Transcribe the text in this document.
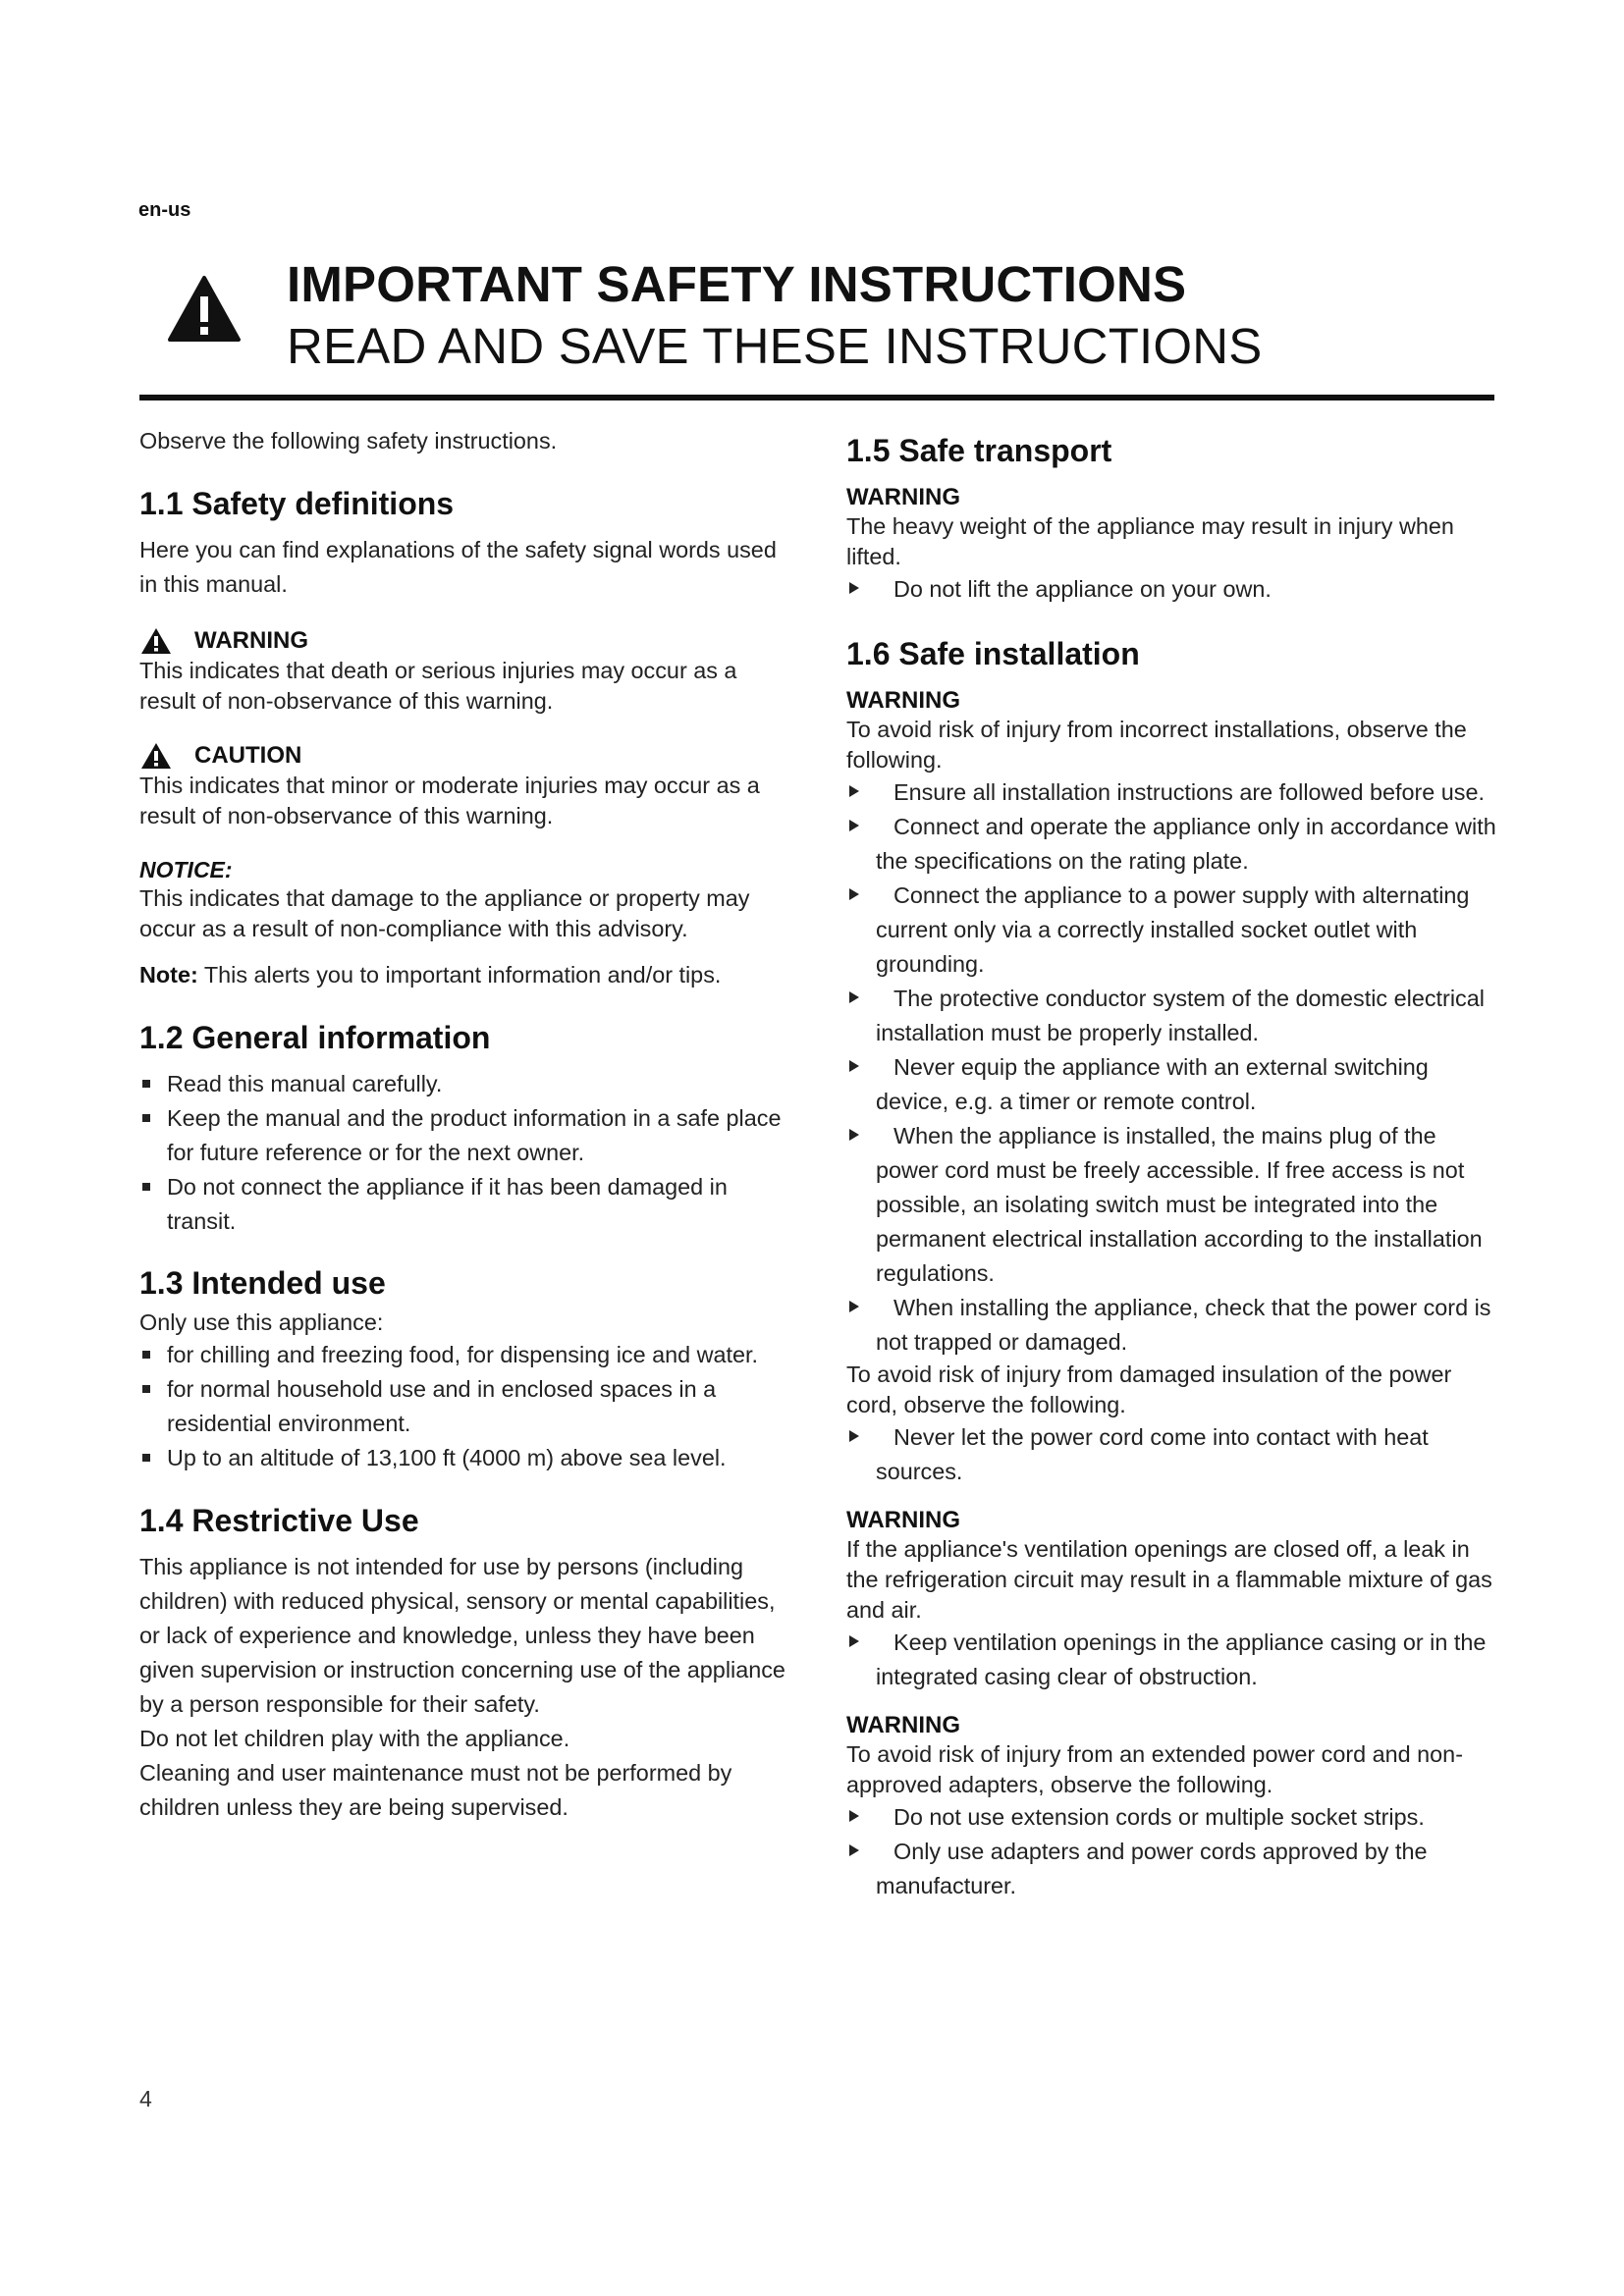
en-us
IMPORTANT SAFETY INSTRUCTIONS
READ AND SAVE THESE INSTRUCTIONS

Observe the following safety instructions.

1.1 Safety definitions

Here you can find explanations of the safety signal words used in this manual.

WARNING

This indicates that death or serious injuries may occur as a result of non-observance of this warning.

CAUTION

This indicates that minor or moderate injuries may occur as a result of non-observance of this warning.

NOTICE:

This indicates that damage to the appliance or property may occur as a result of non-compliance with this advisory.

Note: This alerts you to important information and/or tips.

1.2 General information
Read this manual carefully.
Keep the manual and the product information in a safe place for future reference or for the next owner.
Do not connect the appliance if it has been damaged in transit.
1.3 Intended use

Only use this appliance:

for chilling and freezing food, for dispensing ice and water.
for normal household use and in enclosed spaces in a residential environment.
Up to an altitude of 13,100 ft (4000 m) above sea level.
1.4 Restrictive Use

This appliance is not intended for use by persons (including children) with reduced physical, sensory or mental capabilities, or lack of experience and knowledge, unless they have been given supervision or instruction concerning use of the appliance by a person responsible for their safety.

Do not let children play with the appliance.

Cleaning and user maintenance must not be performed by children unless they are being supervised.

1.5 Safe transport
WARNING

The heavy weight of the appliance may result in injury when lifted.

Do not lift the appliance on your own.
1.6 Safe installation
WARNING

To avoid risk of injury from incorrect installations, observe the following.

Ensure all installation instructions are followed before use.
Connect and operate the appliance only in accordance with the specifications on the rating plate.
Connect the appliance to a power supply with alternating current only via a correctly installed socket outlet with grounding.
The protective conductor system of the domestic electrical installation must be properly installed.
Never equip the appliance with an external switching device, e.g. a timer or remote control.
When the appliance is installed, the mains plug of the power cord must be freely accessible. If free access is not possible, an isolating switch must be integrated into the permanent electrical installation according to the installation regulations.
When installing the appliance, check that the power cord is not trapped or damaged.

To avoid risk of injury from damaged insulation of the power cord, observe the following.

Never let the power cord come into contact with heat sources.
WARNING

If the appliance's ventilation openings are closed off, a leak in the refrigeration circuit may result in a flammable mixture of gas and air.

Keep ventilation openings in the appliance casing or in the integrated casing clear of obstruction.
WARNING

To avoid risk of injury from an extended power cord and non-approved adapters, observe the following.

Do not use extension cords or multiple socket strips.
Only use adapters and power cords approved by the manufacturer.
4
